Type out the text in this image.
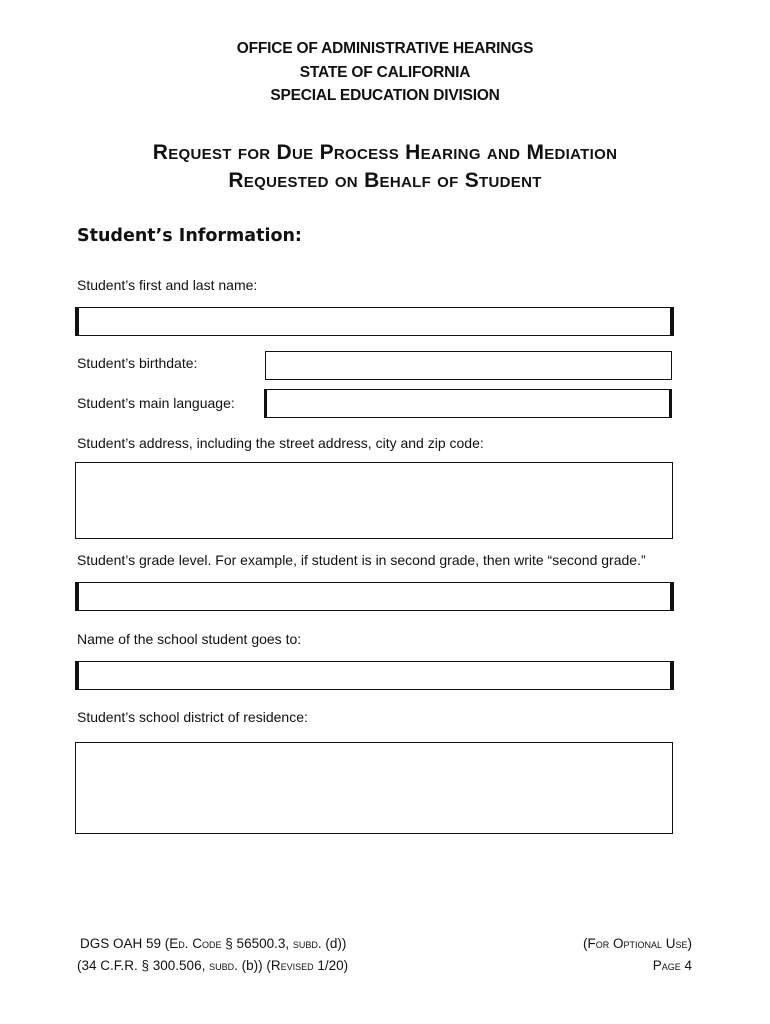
OFFICE OF ADMINISTRATIVE HEARINGS
STATE OF CALIFORNIA
SPECIAL EDUCATION DIVISION
Request for Due Process Hearing and Mediation
Requested on Behalf of Student
Student’s Information:
Student’s first and last name:
Student’s birthdate:
Student’s main language:
Student’s address, including the street address, city and zip code:
Student’s grade level. For example, if student is in second grade, then write “second grade.”
Name of the school student goes to:
Student’s school district of residence:
DGS OAH 59 (Ed. Code § 56500.3, subd. (d))
(34 C.F.R. § 300.506, subd. (b)) (Revised 1/20)
(For Optional Use)
Page 4
